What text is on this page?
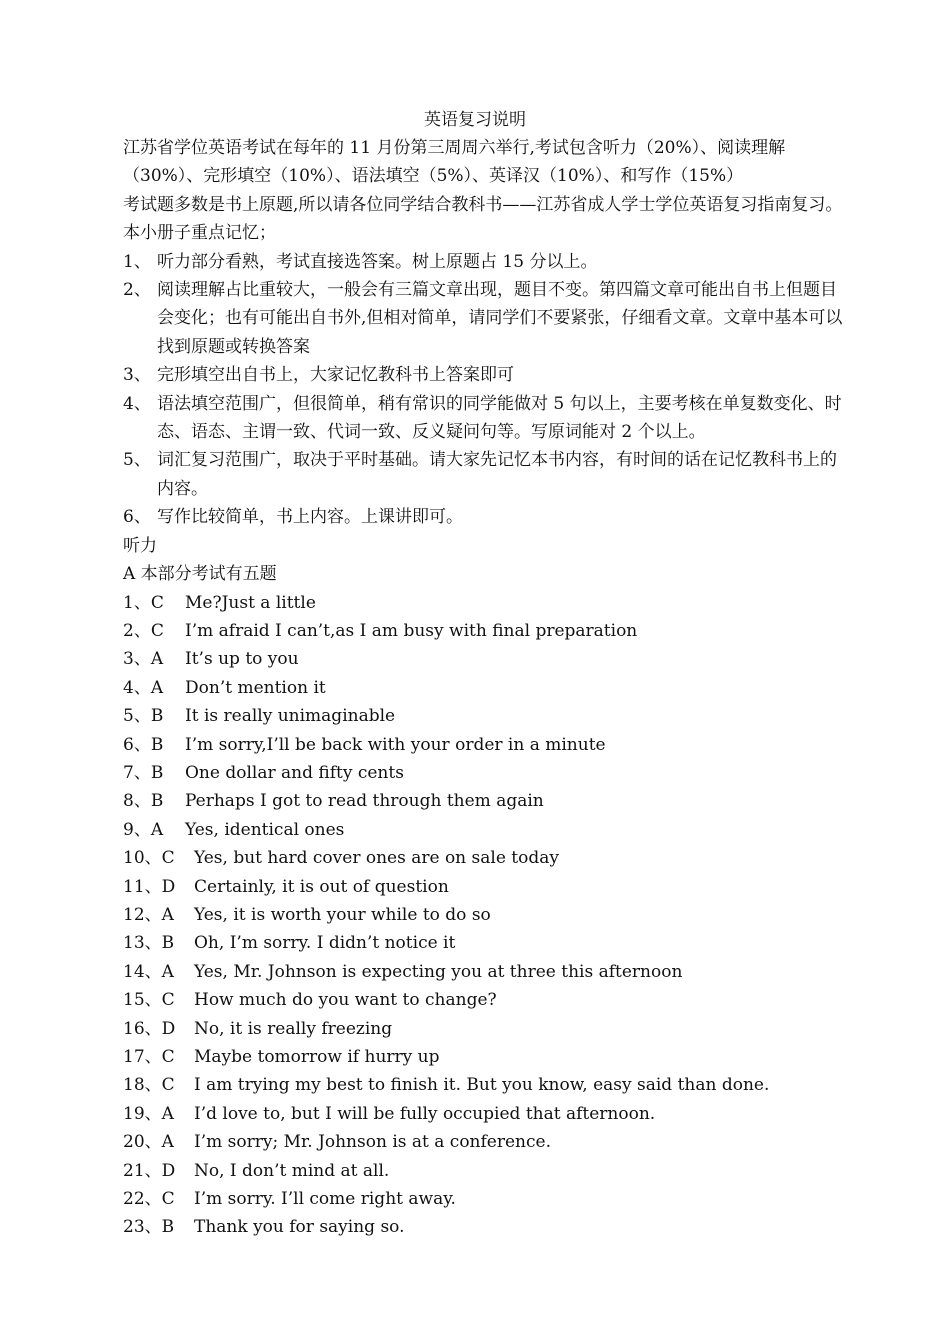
英语复习说明

江苏省学位英语考试在每年的 11 月份第三周周六举行,考试包含听力（20%）、阅读理解（30%）、完形填空（10%）、语法填空（5%）、英译汉（10%）、和写作（15%）

考试题多数是书上原题,所以请各位同学结合教科书——江苏省成人学士学位英语复习指南复习。本小册子重点记忆；

1、 听力部分看熟，考试直接选答案。树上原题占 15 分以上。
2、 阅读理解占比重较大，一般会有三篇文章出现，题目不变。第四篇文章可能出自书上但题目会变化；也有可能出自书外,但相对简单，请同学们不要紧张，仔细看文章。文章中基本可以找到原题或转换答案
3、 完形填空出自书上，大家记忆教科书上答案即可
4、 语法填空范围广，但很简单，稍有常识的同学能做对 5 句以上，主要考核在单复数变化、时态、语态、主谓一致、代词一致、反义疑问句等。写原词能对 2 个以上。
5、 词汇复习范围广，取决于平时基础。请大家先记忆本书内容，有时间的话在记忆教科书上的内容。
6、 写作比较简单，书上内容。上课讲即可。

听力

A 本部分考试有五题

1、C	Me?Just a little
2、C	I’m afraid I can’t,as I am busy with final preparation
3、A	It’s up to you
4、A	Don’t mention it
5、B	It is really unimaginable
6、B	I’m sorry,I’ll be back with your order in a minute
7、B	One dollar and fifty cents
8、B	Perhaps I got to read through them again
9、A	Yes, identical ones
10、C	Yes, but hard cover ones are on sale today
11、D	Certainly, it is out of question
12、A	Yes, it is worth your while to do so
13、B	Oh, I’m sorry. I didn’t notice it
14、A	Yes, Mr. Johnson is expecting you at three this afternoon
15、C	How much do you want to change?
16、D	No, it is really freezing
17、C	Maybe tomorrow if hurry up
18、C	I am trying my best to finish it. But you know, easy said than done.
19、A	I’d love to, but I will be fully occupied that afternoon.
20、A	I’m sorry; Mr. Johnson is at a conference.
21、D	No, I don’t mind at all.
22、C	I’m sorry. I’ll come right away.
23、B	Thank you for saying so.
